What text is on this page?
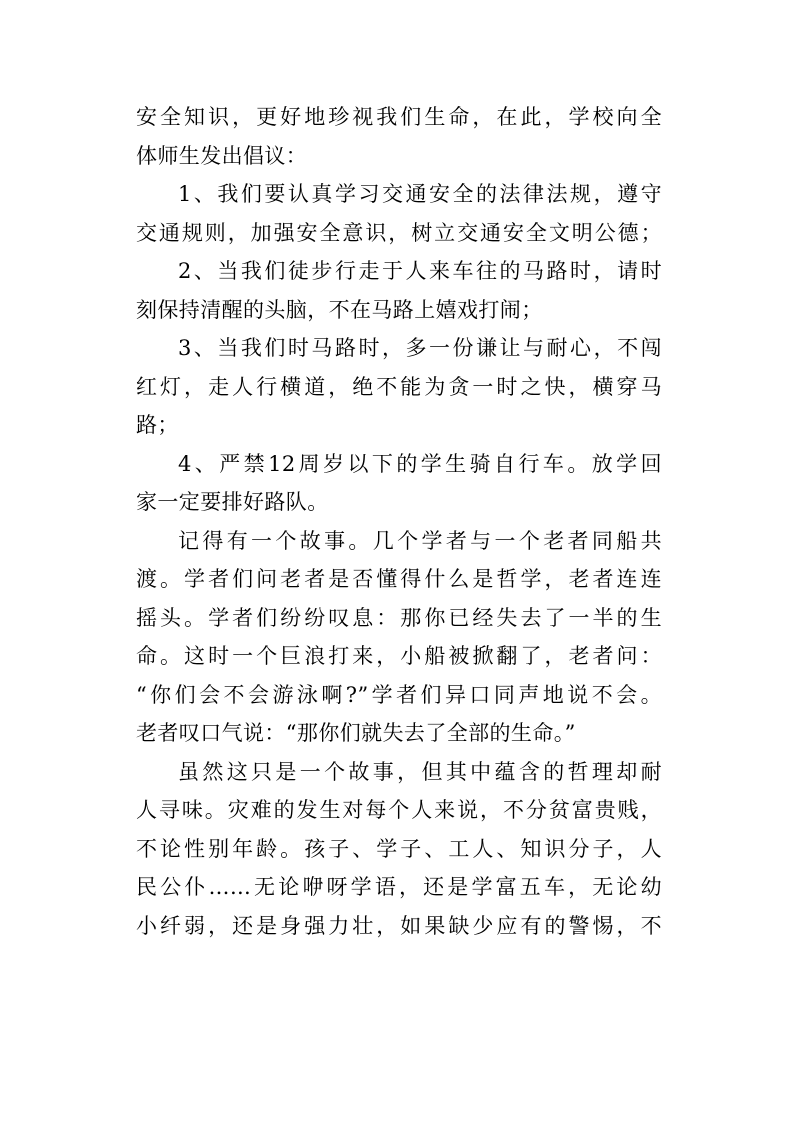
安全知识，更好地珍视我们生命，在此，学校向全
体师生发出倡议：
1、我们要认真学习交通安全的法律法规，遵守
交通规则，加强安全意识，树立交通安全文明公德；
2、当我们徒步行走于人来车往的马路时，请时
刻保持清醒的头脑，不在马路上嬉戏打闹；
3、当我们时马路时，多一份谦让与耐心，不闯
红灯，走人行横道，绝不能为贪一时之快，横穿马
路；
4、严禁12周岁以下的学生骑自行车。放学回
家一定要排好路队。
记得有一个故事。几个学者与一个老者同船共
渡。学者们问老者是否懂得什么是哲学，老者连连
摇头。学者们纷纷叹息：那你已经失去了一半的生
命。这时一个巨浪打来，小船被掀翻了，老者问：
“你们会不会游泳啊?”学者们异口同声地说不会。
老者叹口气说：“那你们就失去了全部的生命。”
虽然这只是一个故事，但其中蕴含的哲理却耐
人寻味。灾难的发生对每个人来说，不分贫富贵贱，
不论性别年龄。孩子、学子、工人、知识分子，人
民公仆……无论咿呀学语，还是学富五车，无论幼
小纤弱，还是身强力壮，如果缺少应有的警惕，不
